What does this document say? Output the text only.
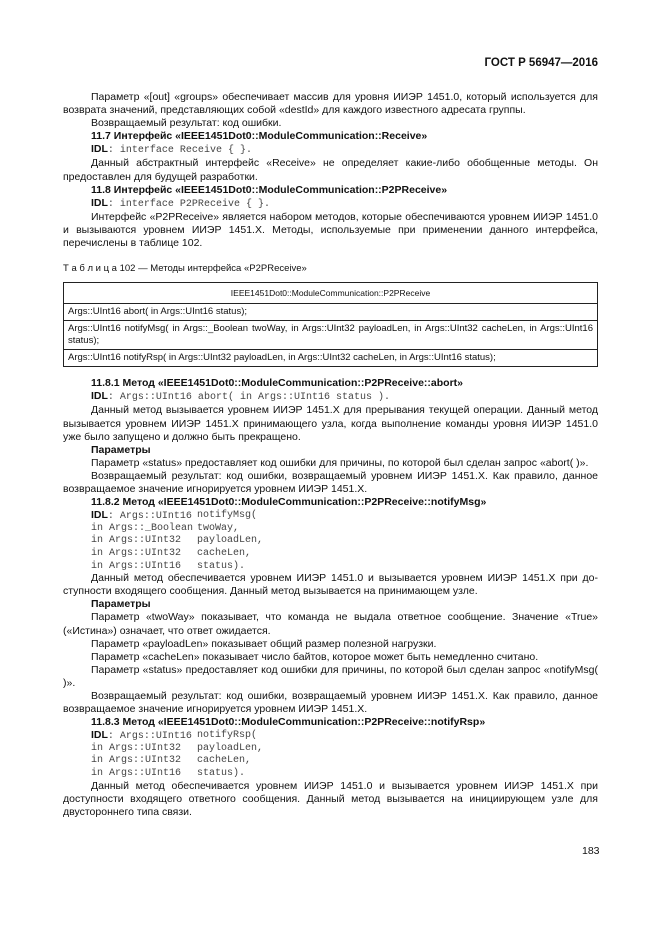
ГОСТ Р 56947—2016

Параметр «[out] «groups» обеспечивает массив для уровня ИИЭР 1451.0, который используется для возврата значений, представляющих собой «destId» для каждого известного адресата группы.

Возвращаемый результат: код ошибки.

11.7 Интерфейс «IEEE1451Dot0::ModuleCommunication::Receive»

IDL: interface Receive { }.

Данный абстрактный интерфейс «Receive» не определяет какие-либо обобщенные методы. Он предоставлен для будущей разработки.

11.8 Интерфейс «IEEE1451Dot0::ModuleCommunication::P2PReceive»

IDL: interface P2PReceive { }.

Интерфейс «P2PReceive» является набором методов, которые обеспечиваются уровнем ИИЭР 1451.0 и вызываются уровнем ИИЭР 1451.X. Методы, используемые при применении данного интерфейса, перечислены в таблице 102.

Т а б л и ц а 102 — Методы интерфейса «P2PReceive»
IEEE1451Dot0::ModuleCommunication::P2PReceive
Args::UInt16 abort( in Args::UInt16 status);
Args::UInt16 notifyMsg( in Args::_Boolean twoWay, in Args::UInt32 payloadLen, in Args::UInt32 cacheLen, in Args::UInt16 status);
Args::UInt16 notifyRsp( in Args::UInt32 payloadLen, in Args::UInt32 cacheLen, in Args::UInt16 status);

11.8.1 Метод «IEEE1451Dot0::ModuleCommunication::P2PReceive::abort»

IDL: Args::UInt16 abort( in Args::UInt16 status ).

Данный метод вызывается уровнем ИИЭР 1451.X для прерывания текущей операции. Данный метод вызывается уровнем ИИЭР 1451.X принимающего узла, когда выполнение команды уровня ИИЭР 1451.0 уже было запущено и должно быть прекращено.

Параметры

Параметр «status» предоставляет код ошибки для причины, по которой был сделан запрос «abort( )».

Возвращаемый результат: код ошибки, возвращаемый уровнем ИИЭР 1451.X. Как правило, данное возвращаемое значение игнорируется уровнем ИИЭР 1451.X.

11.8.2 Метод «IEEE1451Dot0::ModuleCommunication::P2PReceive::notifyMsg»

IDL: Args::UInt16 notifyMsg(
in Args::_Boolean twoWay,
in Args::UInt32	payloadLen,
in Args::UInt32	cacheLen,
in Args::UInt16	status).

Данный метод обеспечивается уровнем ИИЭР 1451.0 и вызывается уровнем ИИЭР 1451.X при доступности входящего сообщения. Данный метод вызывается на принимающем узле.

Параметры

Параметр «twoWay» показывает, что команда не выдала ответное сообщение. Значение «True» («Истина») означает, что ответ ожидается.

Параметр «payloadLen» показывает общий размер полезной нагрузки.

Параметр «cacheLen» показывает число байтов, которое может быть немедленно считано.

Параметр «status» предоставляет код ошибки для причины, по которой был сделан запрос «notifyMsg( )».

Возвращаемый результат: код ошибки, возвращаемый уровнем ИИЭР 1451.X. Как правило, данное возвращаемое значение игнорируется уровнем ИИЭР 1451.X.

11.8.3 Метод «IEEE1451Dot0::ModuleCommunication::P2PReceive::notifyRsp»

IDL: Args::UInt16 notifyRsp(
in Args::UInt32	payloadLen,
in Args::UInt32	cacheLen,
in Args::UInt16	status).

Данный метод обеспечивается уровнем ИИЭР 1451.0 и вызывается уровнем ИИЭР 1451.X при доступности входящего ответного сообщения. Данный метод вызывается на инициирующем узле для двустороннего типа связи.

183
